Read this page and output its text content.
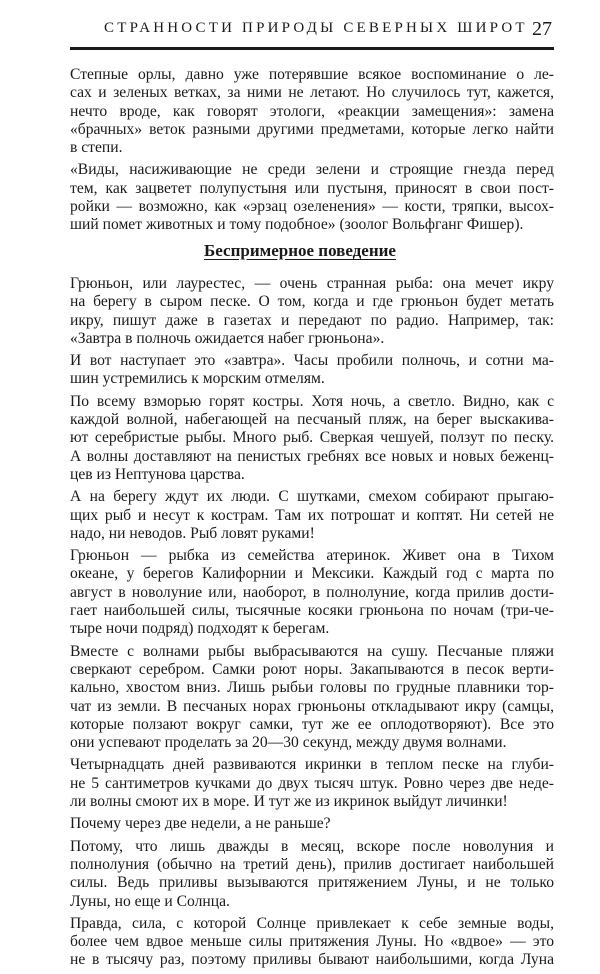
СТРАННОСТИ ПРИРОДЫ СЕВЕРНЫХ ШИРОТ 27
Степные орлы, давно уже потерявшие всякое воспоминание о ле-
сах и зеленых ветках, за ними не летают. Но случилось тут, кажется,
нечто вроде, как говорят этологи, «реакции замещения»: замена
«брачных» веток разными другими предметами, которые легко найти
в степи.
«Виды, насиживающие не среди зелени и строящие гнезда перед
тем, как зацветет полупустыня или пустыня, приносят в свои пост-
ройки — возможно, как «эрзац озеленения» — кости, тряпки, высох-
ший помет животных и тому подобное» (зоолог Вольфганг Фишер).
Беспримерное поведение
Грюньон, или лаурестес, — очень странная рыба: она мечет икру
на берегу в сыром песке. О том, когда и где грюньон будет метать
икру, пишут даже в газетах и передают по радио. Например, так:
«Завтра в полночь ожидается набег грюньона».
И вот наступает это «завтра». Часы пробили полночь, и сотни ма-
шин устремились к морским отмелям.
По всему взморью горят костры. Хотя ночь, а светло. Видно, как с
каждой волной, набегающей на песчаный пляж, на берег выскакива-
ют серебристые рыбы. Много рыб. Сверкая чешуей, ползут по песку.
А волны доставляют на пенистых гребнях все новых и новых беженц-
цев из Нептунова царства.
А на берегу ждут их люди. С шутками, смехом собирают прыгаю-
щих рыб и несут к кострам. Там их потрошат и коптят. Ни сетей не
надо, ни неводов. Рыб ловят руками!
Грюньон — рыбка из семейства атеринок. Живет она в Тихом
океане, у берегов Калифорнии и Мексики. Каждый год с марта по
август в новолуние или, наоборот, в полнолуние, когда прилив дости-
гает наибольшей силы, тысячные косяки грюньона по ночам (три-че-
тыре ночи подряд) подходят к берегам.
Вместе с волнами рыбы выбрасываются на сушу. Песчаные пляжи
сверкают серебром. Самки роют норы. Закапываются в песок верти-
кально, хвостом вниз. Лишь рыбьи головы по грудные плавники тор-
чат из земли. В песчаных норах грюньоны откладывают икру (самцы,
которые ползают вокруг самки, тут же ее оплодотворяют). Все это
они успевают проделать за 20—30 секунд, между двумя волнами.
Четырнадцать дней развиваются икринки в теплом песке на глуби-
не 5 сантиметров кучками до двух тысяч штук. Ровно через две неде-
ли волны смоют их в море. И тут же из икринок выйдут личинки!
Почему через две недели, а не раньше?
Потому, что лишь дважды в месяц, вскоре после новолуния и
полнолуния (обычно на третий день), прилив достигает наибольшей
силы. Ведь приливы вызываются притяжением Луны, и не только
Луны, но еще и Солнца.
Правда, сила, с которой Солнце привлекает к себе земные воды,
более чем вдвое меньше силы притяжения Луны. Но «вдвое» — это
не в тысячу раз, поэтому приливы бывают наибольшими, когда Луна
